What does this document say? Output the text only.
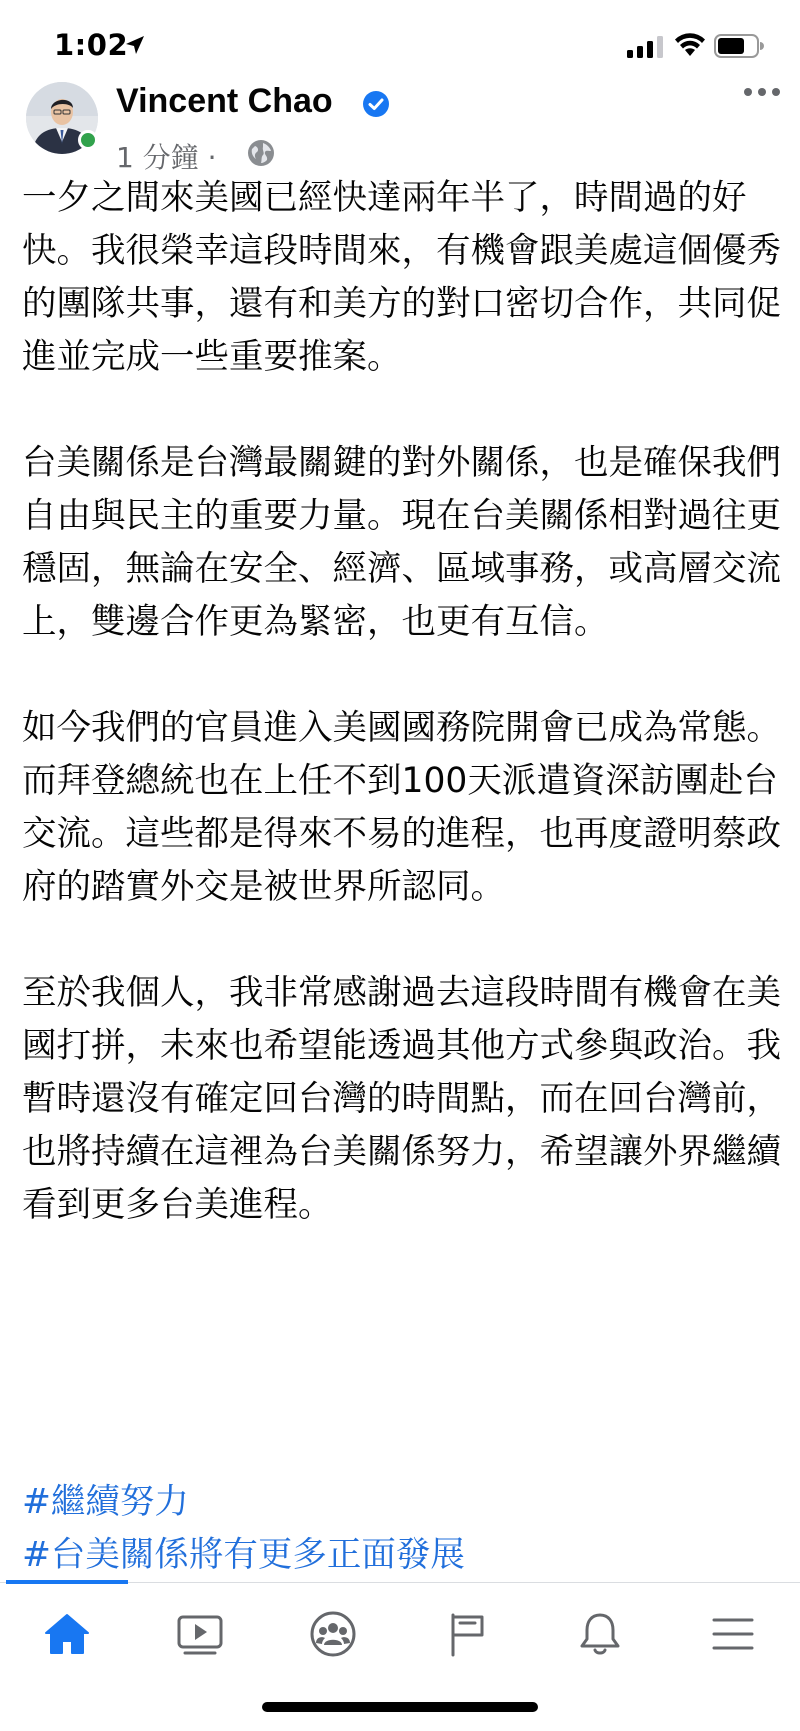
1:02
Vincent Chao
1 分鐘 ·

一夕之間來美國已經快達兩年半了，時間過的好快。我很榮幸這段時間來，有機會跟美處這個優秀的團隊共事，還有和美方的對口密切合作，共同促進並完成一些重要推案。

台美關係是台灣最關鍵的對外關係，也是確保我們自由與民主的重要力量。現在台美關係相對過往更穩固，無論在安全、經濟、區域事務，或高層交流上，雙邊合作更為緊密，也更有互信。

如今我們的官員進入美國國務院開會已成為常態。而拜登總統也在上任不到100天派遣資深訪團赴台交流。這些都是得來不易的進程，也再度證明蔡政府的踏實外交是被世界所認同。

至於我個人，我非常感謝過去這段時間有機會在美國打拼，未來也希望能透過其他方式參與政治。我暫時還沒有確定回台灣的時間點，而在回台灣前，也將持續在這裡為台美關係努力，希望讓外界繼續看到更多台美進程。

#繼續努力
#台美關係將有更多正面發展
